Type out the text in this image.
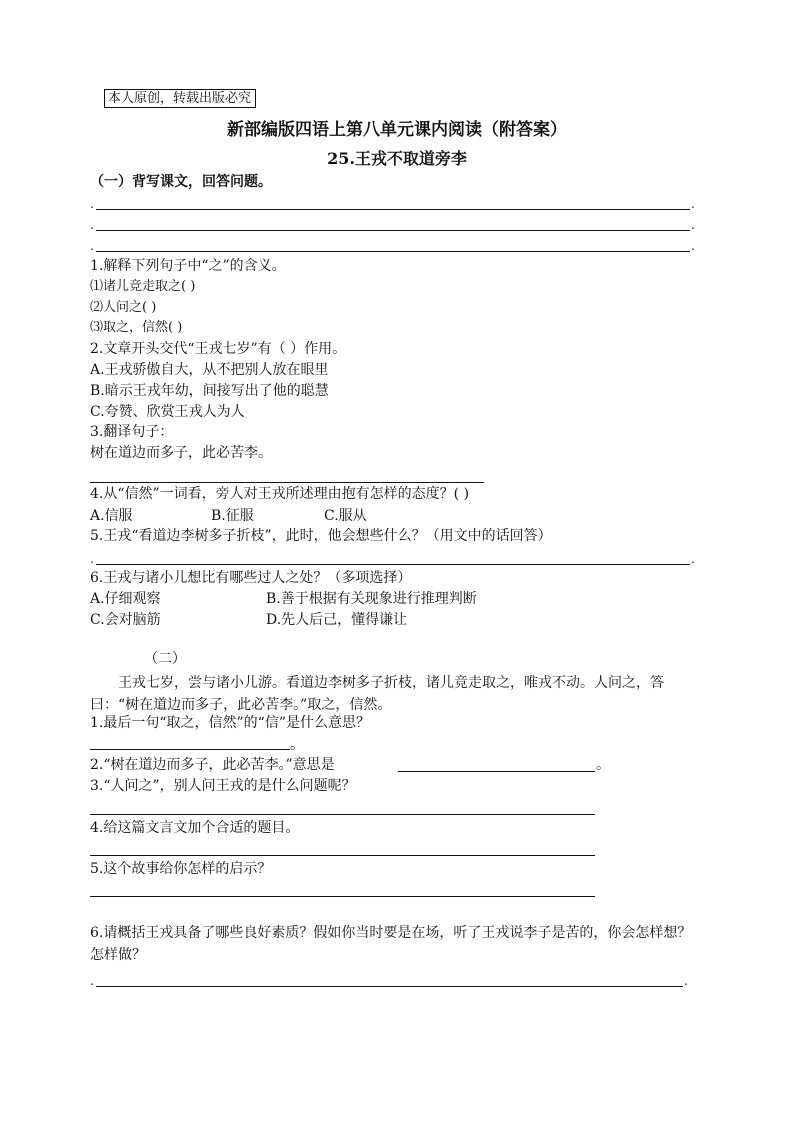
本人原创，转载出版必究
新部编版四语上第八单元课内阅读（附答案）
25.王戎不取道旁李
（一）背写课文，回答问题。
.	.
.	.
.	.
1.解释下列句子中“之”的含义。
⑴诸儿竞走取之( )
⑵人问之( )
⑶取之，信然( )
2.文章开头交代“王戎七岁”有（ ）作用。
A.王戎骄傲自大，从不把别人放在眼里
B.暗示王戎年幼，间接写出了他的聪慧
C.夸赞、欣赏王戎人为人
3.翻译句子：
树在道边而多子，此必苦李。
4.从“信然”一词看，旁人对王戎所述理由抱有怎样的态度？( )
A.信服	B.征服	C.服从
5.王戎“看道边李树多子折枝”，此时，他会想些什么？（用文中的话回答）
.	.
6.王戎与诸小儿想比有哪些过人之处？（多项选择）
A.仔细观察	B.善于根据有关现象进行推理判断
C.会对脑筋	D.先人后己，懂得谦让
（二）
王戎七岁，尝与诸小儿游。看道边李树多子折枝，诸儿竞走取之，唯戎不动。人问之，答曰：“树在道边而多子，此必苦李。”取之，信然。
1.最后一句“取之，信然”的“信”是什么意思？
。
2.“树在道边而多子，此必苦李。”意思是	。
3.“人问之”，别人问王戎的是什么问题呢？
4.给这篇文言文加个合适的题目。
5.这个故事给你怎样的启示？
6.请概括王戎具备了哪些良好素质？假如你当时要是在场，听了王戎说李子是苦的，你会怎样想？怎样做？
.	.
